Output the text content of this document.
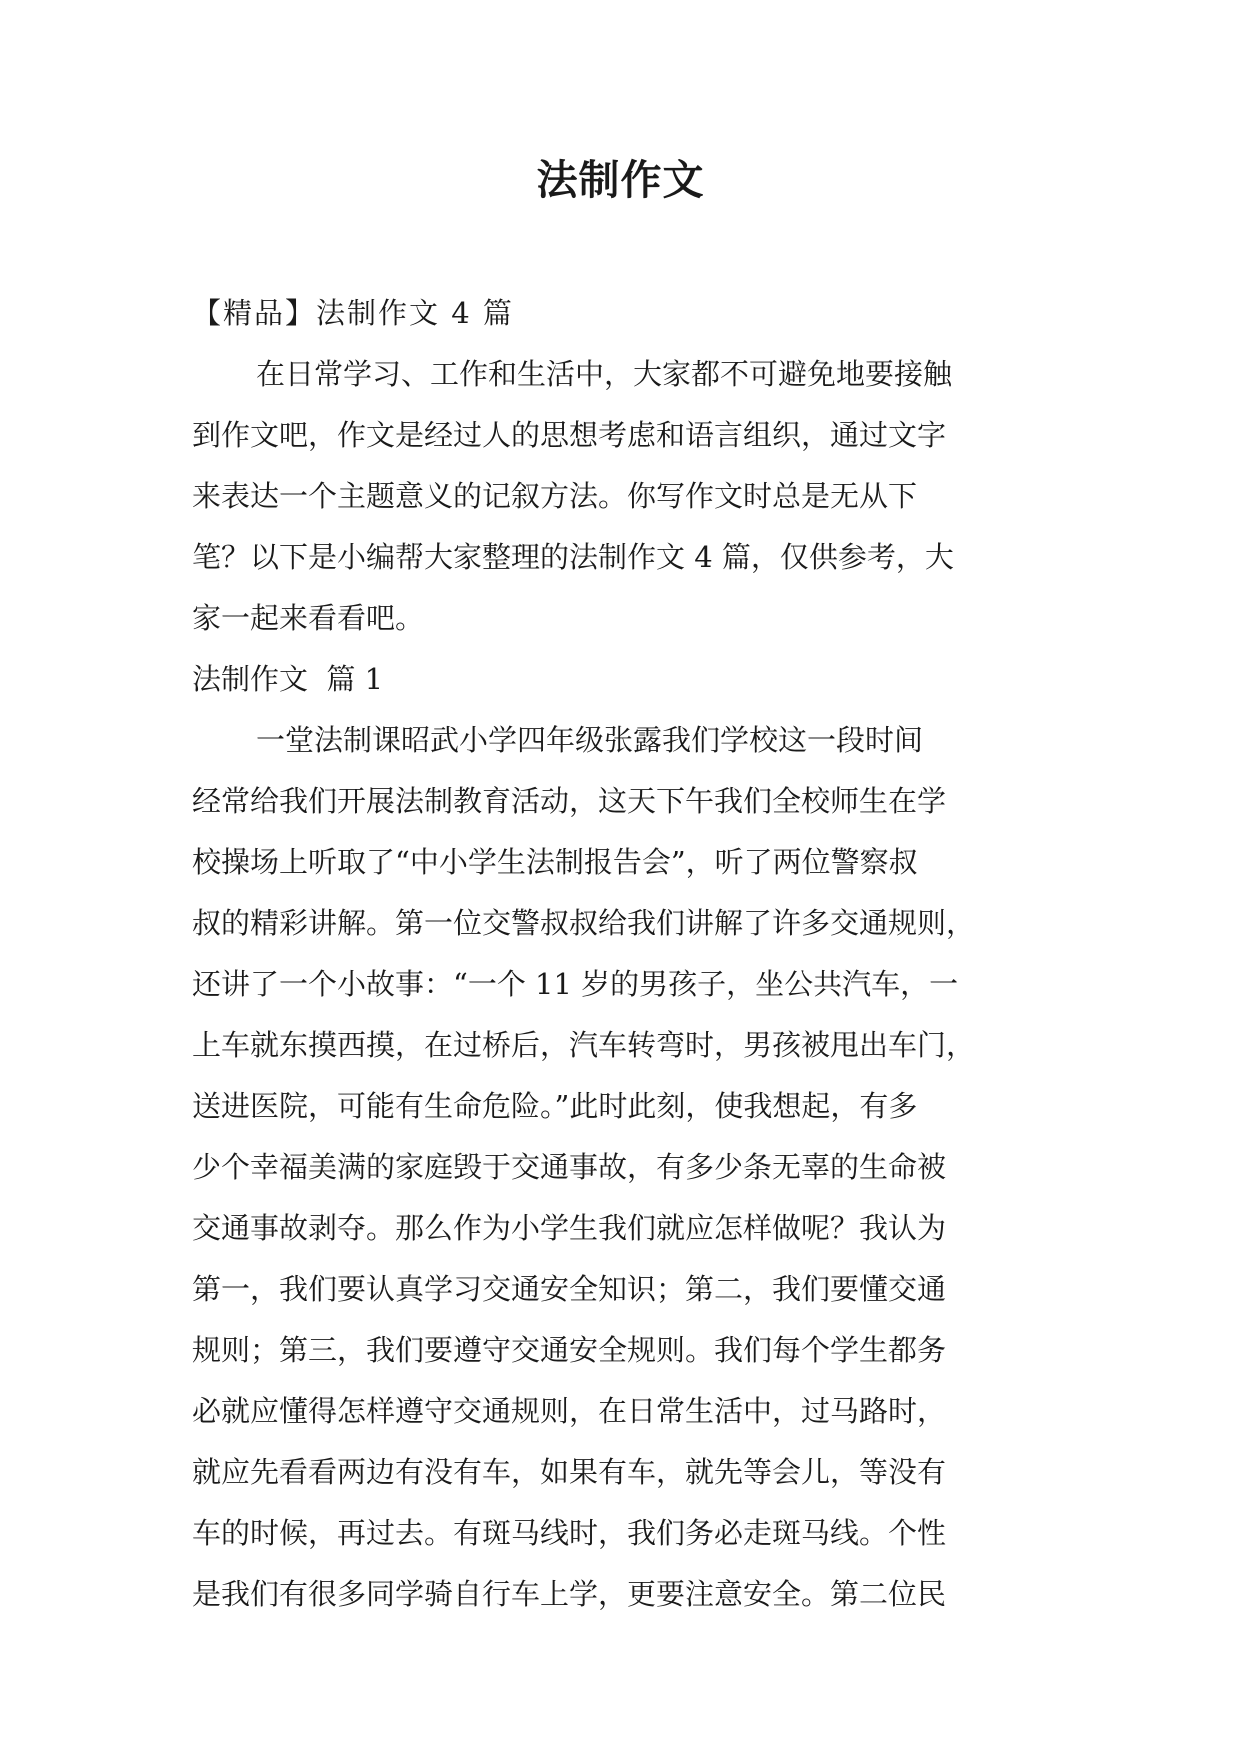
法制作文
【精品】法制作文 4 篇
在日常学习、工作和生活中，大家都不可避免地要接触
到作文吧，作文是经过人的思想考虑和语言组织，通过文字
来表达一个主题意义的记叙方法。你写作文时总是无从下
笔？以下是小编帮大家整理的法制作文 4 篇，仅供参考，大
家一起来看看吧。
法制作文  篇 1
一堂法制课昭武小学四年级张露我们学校这一段时间
经常给我们开展法制教育活动，这天下午我们全校师生在学
校操场上听取了“中小学生法制报告会”，听了两位警察叔
叔的精彩讲解。第一位交警叔叔给我们讲解了许多交通规则，
还讲了一个小故事：“一个 11 岁的男孩子，坐公共汽车，一
上车就东摸西摸，在过桥后，汽车转弯时，男孩被甩出车门，
送进医院，可能有生命危险。”此时此刻，使我想起，有多
少个幸福美满的家庭毁于交通事故，有多少条无辜的生命被
交通事故剥夺。那么作为小学生我们就应怎样做呢？我认为
第一，我们要认真学习交通安全知识；第二，我们要懂交通
规则；第三，我们要遵守交通安全规则。我们每个学生都务
必就应懂得怎样遵守交通规则，在日常生活中，过马路时，
就应先看看两边有没有车，如果有车，就先等会儿，等没有
车的时候，再过去。有斑马线时，我们务必走斑马线。个性
是我们有很多同学骑自行车上学，更要注意安全。第二位民
